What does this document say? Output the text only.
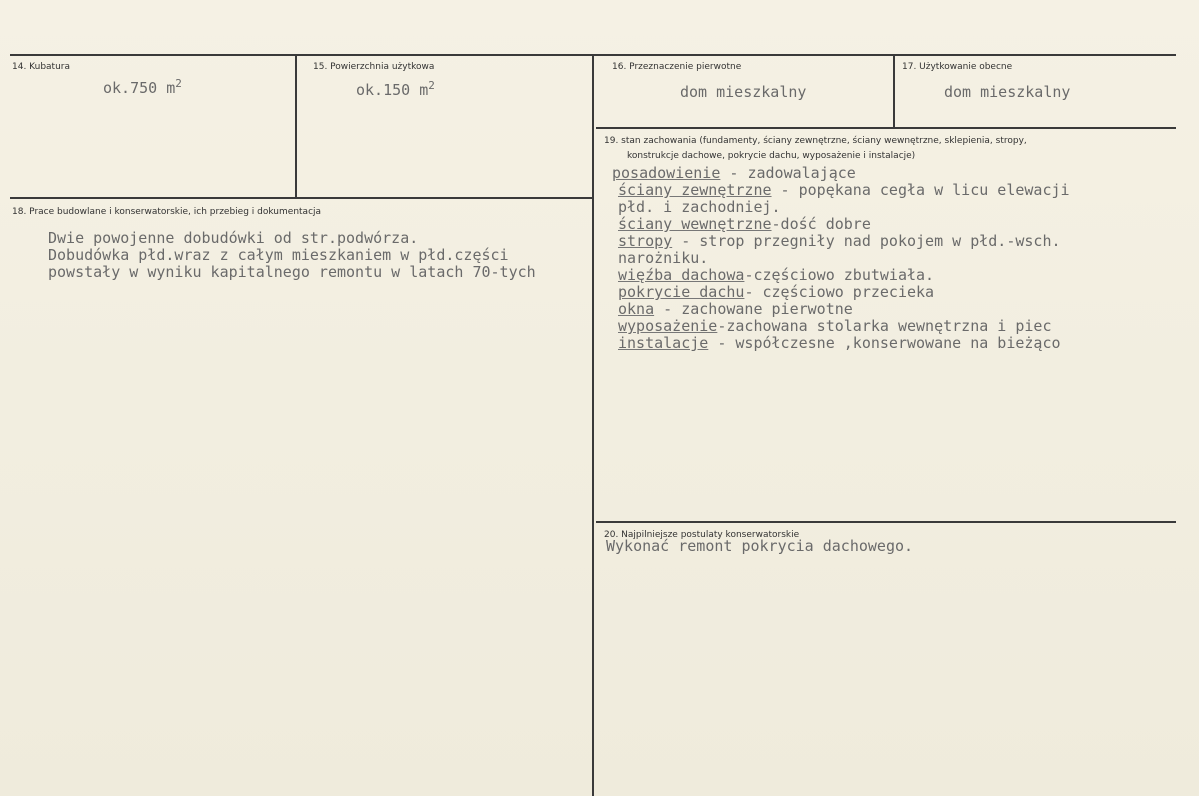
14. Kubatura
ok.750 $m^2$
15. Powierzchnia użytkowa
ok.150 $m^2$
16. Przeznaczenie pierwotne
dom mieszkalny
17. Użytkowanie obecne
dom mieszkalny
18. Prace budowlane i konserwatorskie, ich przebieg i dokumentacja
Dwie powojenne dobudówki od str.podwórza.
Dobudówka płd.wraz z całym mieszkaniem w płd.części
powstały w wyniku kapitalnego remontu w latach 70-tych
19. stan zachowania (fundamenty, ściany zewnętrzne, ściany wewnętrzne, sklepienia, stropy,
konstrukcje dachowe, pokrycie dachu, wyposażenie i instalacje)
posadowienie - zadowalające
ściany zewnętrzne - popękana cegła w licu elewacji
płd. i zachodniej.
ściany wewnętrzne-dość dobre
stropy - strop przegniły nad pokojem w płd.-wsch.
narożniku.
więźba dachowa-częściowo zbutwiała.
pokrycie dachu- częściowo przecieka
okna - zachowane pierwotne
wyposażenie-zachowana stolarka wewnętrzna i piec
instalacje - współczesne ,konserwowane na bieżąco
20. Najpilniejsze postulaty konserwatorskie
Wykonać remont pokrycia dachowego.
